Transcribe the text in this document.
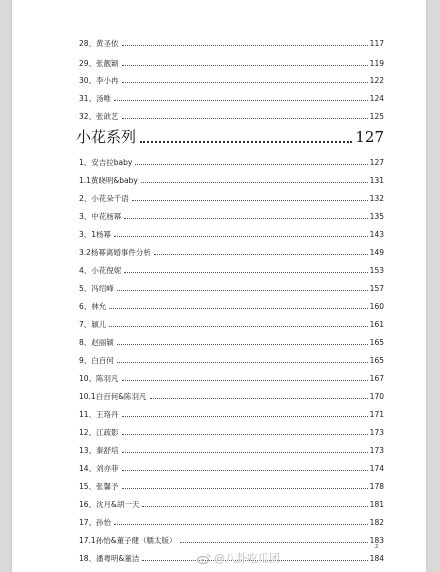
28、黄圣依	117
29、张靓颖	119
30、李小冉	122
31、汤唯	124
32、张歆艺	125
小花系列	127
1、安吉拉baby	127
1.1黄晓明&baby	131
2、小花朵千语	132
3、中花杨幂	135
3、1杨幂	143
3.2杨幂离婚事件分析	149
4、小花倪妮	153
5、冯绍峰	157
6、林允	160
7、颖儿	161
8、赵丽颖	165
9、白百何	165
10、陈羽凡	167
10.1白百何&陈羽凡	170
11、王珞丹	171
12、江疏影	173
13、秦舒培	173
14、刘亦菲	174
15、张馨予	178
16、沈月&胡一天	181
17、孙怡	182
17.1孙怡&董子健（糯太版）	183
18、潘粤明&董洁	184
2
@八卦吃瓜团
